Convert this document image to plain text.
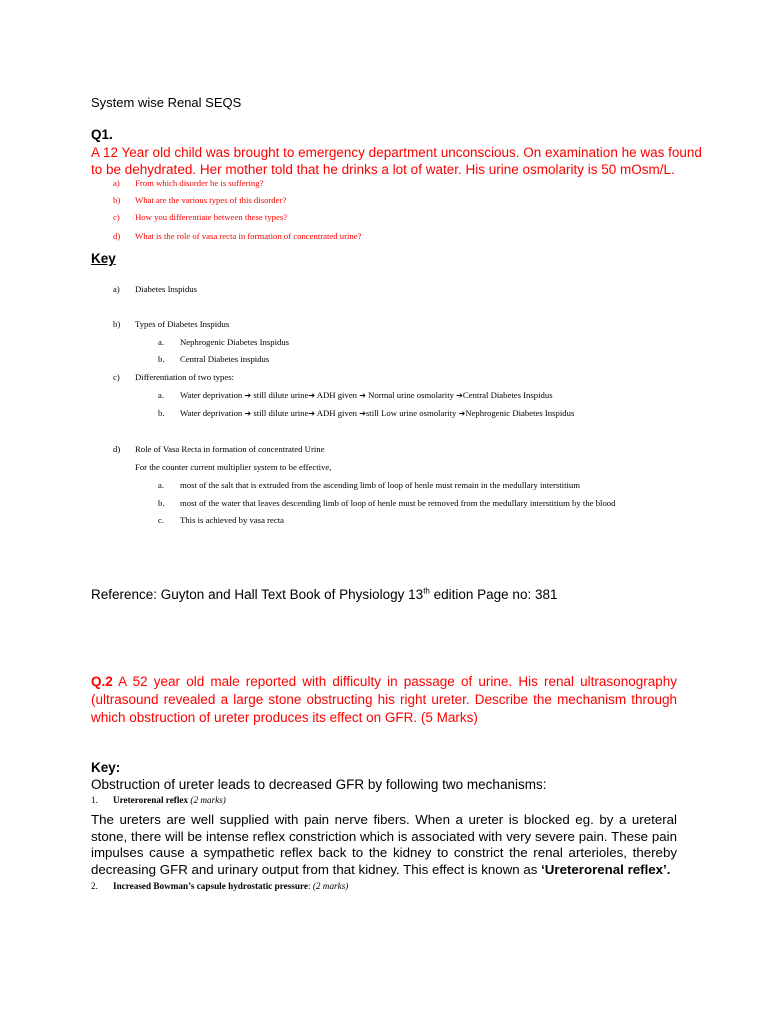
System wise Renal SEQS
Q1.
A 12 Year old child was brought to emergency department unconscious. On examination he was found
to be dehydrated. Her mother told that he drinks a lot of water. His urine osmolarity is 50 mOsm/L.
a) From which disorder he is suffering?
b) What are the various types of this disorder?
c) How you differentiate between these types?
d) What is the role of vasa recta in formation of concentrated urine?
Key
a) Diabetes Inspidus
b) Types of Diabetes Inspidus
a. Nephrogenic Diabetes Inspidus
b. Central Diabetes inspidus
c) Differentiation of two types:
a. Water deprivation ➔ still dilute urine➔ ADH given ➔ Normal urine osmolarity ➔Central Diabetes Inspidus
b. Water deprivation ➔ still dilute urine➔ ADH given ➔still Low urine osmolarity ➔Nephrogenic Diabetes Inspidus
d) Role of Vasa Recta in formation of concentrated Urine
For the counter current multiplier system to be effective,
a. most of the salt that is extruded from the ascending limb of loop of henle must remain in the medullary interstitium
b. most of the water that leaves descending limb of loop of henle must be removed from the medullary interstitium by the blood
c. This is achieved by vasa recta
Reference: Guyton and Hall Text Book of Physiology 13th edition Page no: 381
Q.2 A 52 year old male reported with difficulty in passage of urine. His renal ultrasonography (ultrasound revealed a large stone obstructing his right ureter. Describe the mechanism through which obstruction of ureter produces its effect on GFR. (5 Marks)
Key:
Obstruction of ureter leads to decreased GFR by following two mechanisms:
1. Ureterorenal reflex (2 marks)
The ureters are well supplied with pain nerve fibers. When a ureter is blocked eg. by a ureteral stone, there will be intense reflex constriction which is associated with very severe pain. These pain impulses cause a sympathetic reflex back to the kidney to constrict the renal arterioles, thereby decreasing GFR and urinary output from that kidney. This effect is known as ‘Ureterorenal reflex’.
2. Increased Bowman’s capsule hydrostatic pressure: (2 marks)
